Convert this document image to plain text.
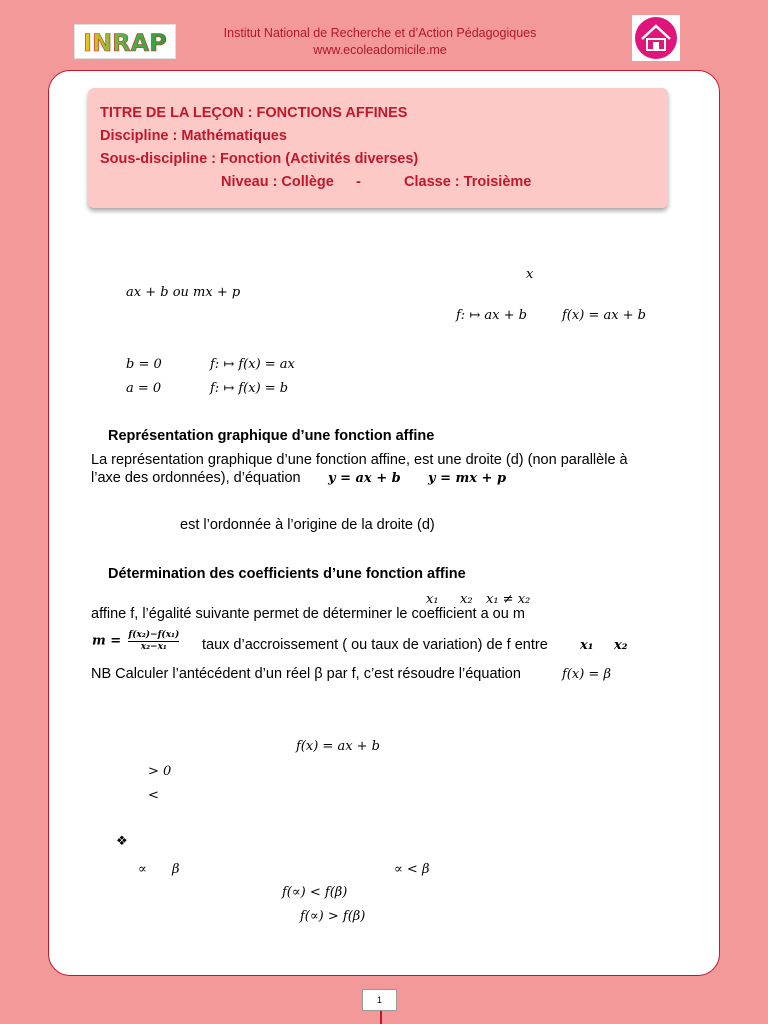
INRAP	Institut National de Recherche et d’Action Pédagogiques
www.ecoleadomicile.me
TITRE DE LA LEÇON : FONCTIONS AFFINES
Discipline : Mathématiques
Sous-discipline : Fonction (Activités diverses)
Niveau : Collège -	Classe : Troisième
x
ax + b ou mx + p
f: ↦ ax + b	f(x) = ax + b
b = 0	f: ↦ f(x) = ax
a = 0	f: ↦ f(x) = b
Représentation graphique d’une fonction affine
La représentation graphique d’une fonction affine, est une droite (d) (non parallèle à
l’axe des ordonnées), d’équation y = ax + b y = mx + p
est l’ordonnée à l’origine de la droite (d)
Détermination des coefficients d’une fonction affine
x₁ x₂ x₁ ≠ x₂
affine f, l’égalité suivante permet de déterminer le coefficient a ou m
$m = \frac{\text{f(x₂)−f(x₁)}}{\text{x₂−x₁}}$ taux d’accroissement ( ou taux de variation) de f entre x₁ x₂
NB Calculer l’antécédent d’un réel β par f, c’est résoudre l’équation	f(x) = β
f(x) = ax + b
> 0
<
❖
∝ β	∝ < β
f(∝) < f(β)
f(∝) > f(β)
1
